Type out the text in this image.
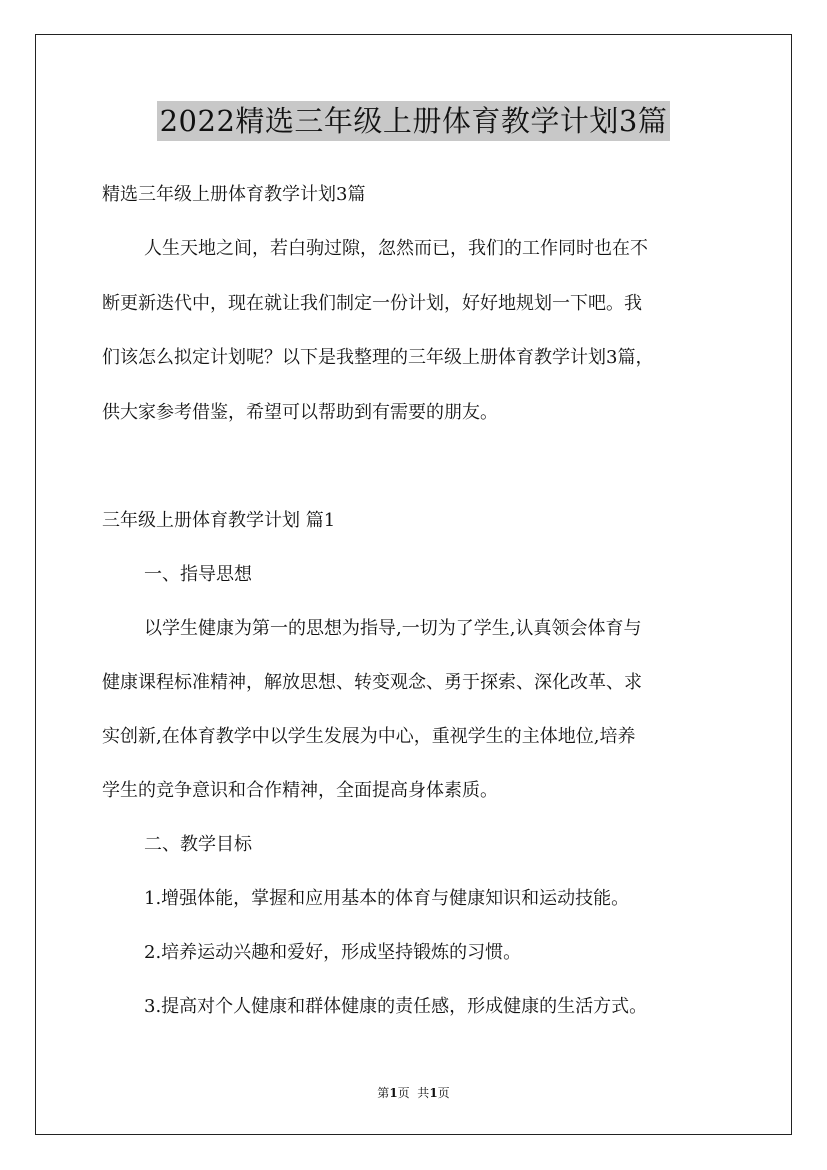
2022精选三年级上册体育教学计划3篇
精选三年级上册体育教学计划3篇
人生天地之间，若白驹过隙，忽然而已，我们的工作同时也在不
断更新迭代中，现在就让我们制定一份计划，好好地规划一下吧。我
们该怎么拟定计划呢？以下是我整理的三年级上册体育教学计划3篇，
供大家参考借鉴，希望可以帮助到有需要的朋友。
三年级上册体育教学计划 篇1
一、指导思想
以学生健康为第一的思想为指导,一切为了学生,认真领会体育与
健康课程标准精神，解放思想、转变观念、勇于探索、深化改革、求
实创新,在体育教学中以学生发展为中心，重视学生的主体地位,培养
学生的竞争意识和合作精神，全面提高身体素质。
二、教学目标
1.增强体能，掌握和应用基本的体育与健康知识和运动技能。
2.培养运动兴趣和爱好，形成坚持锻炼的习惯。
3.提高对个人健康和群体健康的责任感，形成健康的生活方式。
第1页  共1页
